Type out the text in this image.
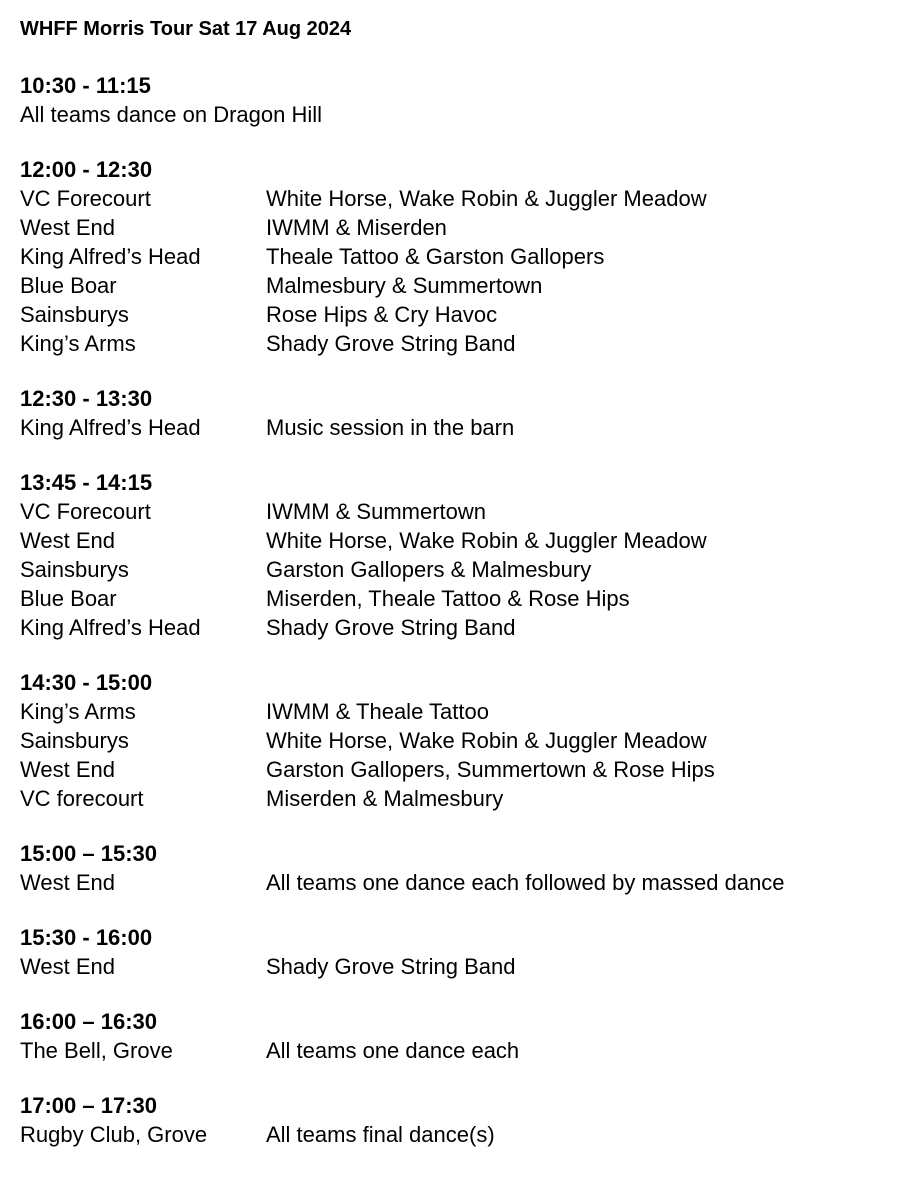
WHFF Morris Tour Sat 17 Aug 2024
10:30 - 11:15
All teams dance on Dragon Hill
12:00 - 12:30
VC Forecourt	White Horse, Wake Robin & Juggler Meadow
West End	IWMM & Miserden
King Alfred’s Head	Theale Tattoo & Garston Gallopers
Blue Boar	Malmesbury & Summertown
Sainsburys	Rose Hips & Cry Havoc
King’s Arms	Shady Grove String Band
12:30 - 13:30
King Alfred’s Head	Music session in the barn
13:45 - 14:15
VC Forecourt	IWMM & Summertown
West End	White Horse, Wake Robin & Juggler Meadow
Sainsburys	Garston Gallopers & Malmesbury
Blue Boar	Miserden, Theale Tattoo & Rose Hips
King Alfred’s Head	Shady Grove String Band
14:30 - 15:00
King’s Arms	IWMM & Theale Tattoo
Sainsburys	White Horse, Wake Robin & Juggler Meadow
West End	Garston Gallopers, Summertown & Rose Hips
VC forecourt	Miserden & Malmesbury
15:00 – 15:30
West End	All teams one dance each followed by massed dance
15:30 - 16:00
West End	Shady Grove String Band
16:00 – 16:30
The Bell, Grove	All teams one dance each
17:00 – 17:30
Rugby Club, Grove	All teams final dance(s)
